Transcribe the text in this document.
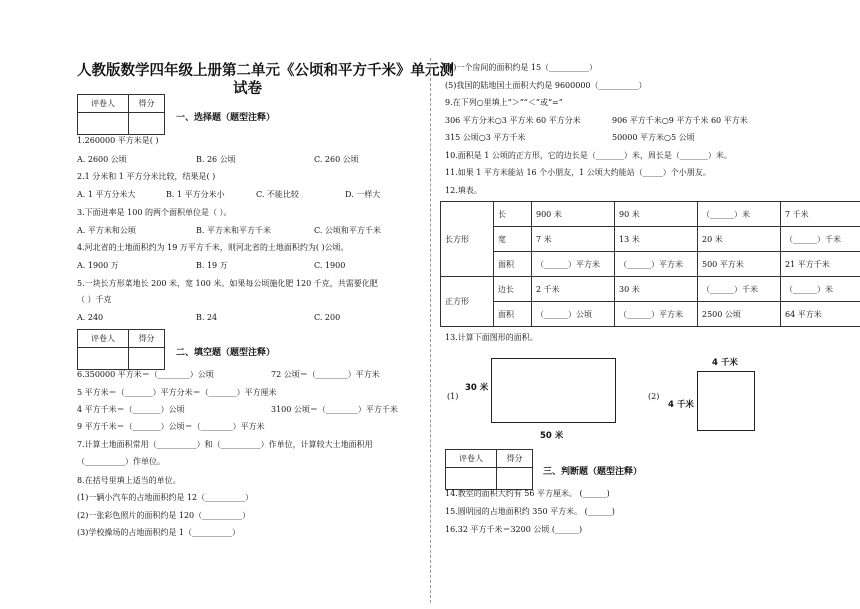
人教版数学四年级上册第二单元《公顷和平方千米》单元测
试卷
评卷人	得分

一、选择题（题型注释）
1.260000 平方米是( )
A. 2600 公顷	B. 26 公顷	C. 260 公顷
2.1 分米和 1 平方分米比较，结果是( )
A. 1 平方分米大	B. 1 平方分米小	C. 不能比较	D. 一样大
3.下面进率是 100 的两个面积单位是（ ）。
A. 平方米和公顷	B. 平方米和平方千米	C. 公顷和平方千米
4.河北省的土地面积约为 19 万平方千米，则河北省的土地面积约为( )公顷。
A. 1900 万	B. 19 万	C. 1900
5.一块长方形菜地长 200 米，宽 100 米。如果每公顷施化肥 120 千克，共需要化肥
（ ）千克
A. 240	B. 24	C. 200
评卷人	得分

二、填空题（题型注释）
6.350000 平方米＝（________）公顷	72 公顷＝（________）平方米
5 平方米＝（_______）平方分米＝（_______）平方厘米
4 平方千米＝（_______）公顷	3100 公顷＝（________）平方千米
9 平方千米＝（_______）公顷＝（________）平方米
7.计算土地面积常用（__________）和（__________）作单位，计算较大土地面积用
（__________）作单位。
8.在括号里填上适当的单位。
(1)一辆小汽车的占地面积约是 12（__________）
(2)一张彩色照片的面积约是 120（__________）
(3)学校操场的占地面积约是 1（__________）
(4)一个房间的面积约是 15（__________）
(5)我国的陆地国土面积大约是 9600000（__________）
9.在下列○里填上“＞”“＜”或“=”
306 平方分米○3 平方米 60 平方分米	906 平方千米○9 平方千米 60 平方米
315 公顷○3 平方千米	50000 平方米○5 公顷
10.面积是 1 公顷的正方形，它的边长是（_______）米，周长是（_______）米。
11.如果 1 平方米能站 16 个小朋友，1 公顷大约能站（_____）个小朋友。
12.填表。
长方形	长	900 米	90 米	（______）米	7 千米
	宽	7 米	13 米	20 米	（______）千米
	面积	（______）平方米	（______）平方米	500 平方米	21 平方千米
正方形	边长	2 千米	30 米	（______）千米	（______）米
	面积	（______）公顷	（______）平方米	2500 公顷	64 平方米
13.计算下面图形的面积。
(1)
30 米
50 米
(2)
4 千米
4 千米
评卷人	得分

三、判断题（题型注释）
14.教室的面积大约有 56 平方厘米。 (______)
15.圆明园的占地面积约 350 平方米。 (______)
16.32 平方千米＝3200 公顷 (______)
